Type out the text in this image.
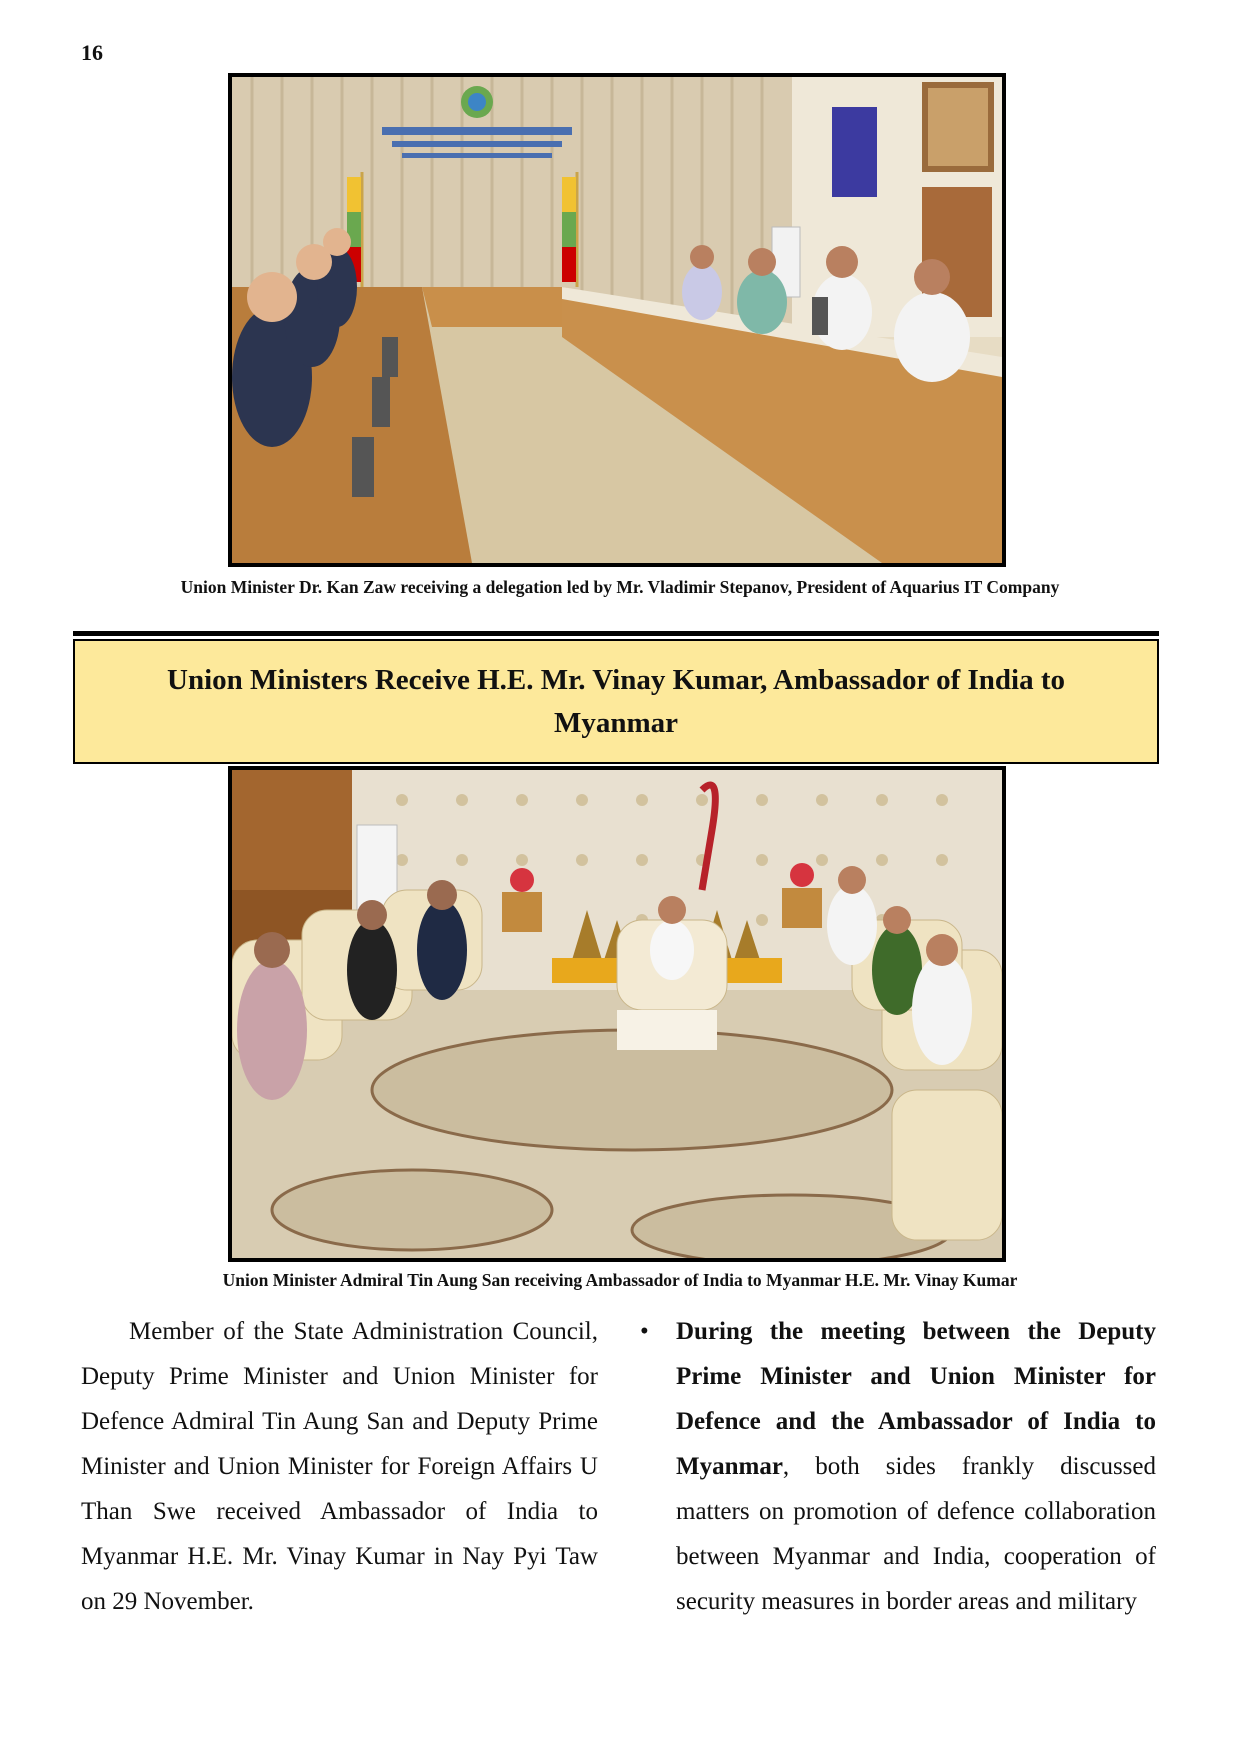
16
Union Minister Dr. Kan Zaw receiving a delegation led by Mr. Vladimir Stepanov, President of Aquarius IT Company
Union Ministers Receive H.E. Mr. Vinay Kumar, Ambassador of India to Myanmar
Union Minister Admiral Tin Aung San receiving Ambassador of India to Myanmar H.E. Mr. Vinay Kumar

Member of the State Administration Council, Deputy Prime Minister and Union Minister for Defence Admiral Tin Aung San and Deputy Prime Minister and Union Minister for Foreign Affairs U Than Swe received Ambassador of India to Myanmar H.E. Mr. Vinay Kumar in Nay Pyi Taw on 29 November.

• During the meeting between the Deputy Prime Minister and Union Minister for Defence and the Ambassador of India to Myanmar, both sides frankly discussed matters on promotion of defence collaboration between Myanmar and India, cooperation of security measures in border areas and military
